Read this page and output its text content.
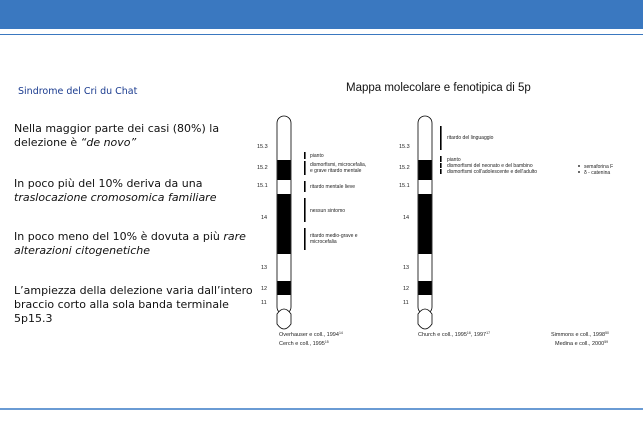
Sindrome del Cri du Chat	Mappa molecolare e fenotipica di 5p
Nella maggior parte dei casi (80%) la delezione è “de novo”
In poco più del 10% deriva da una traslocazione cromosomica familiare
In poco meno del 10% è dovuta a più rare alterazioni citogenetiche
L’ampiezza della delezione varia dall’intero braccio corto alla sola banda terminale 5p15.3
15.3
15.2
15.1
14
13
12
11
pianto
dismorfismi, microcefalia,
e grave ritardo mentale
ritardo mentale lieve
nessun sintomo
ritardo medio-grave e
microcefalia
Overhauser e coll., 1994$^{14}$
Cerch e coll., 1995$^{15}$
15.3
15.2
15.1
14
13
12
11
ritardo del linguaggio
pianto
dismorfismi del neonato e del bambino
dismorfismi coll'adolescente e dell'adulto
semaforina F
δ - catenina
Church e coll., 1995$^{16}$, 1997$^{17}$	Simmons e coll., 1998$^{50}$
Medina e coll., 2000$^{59}$
